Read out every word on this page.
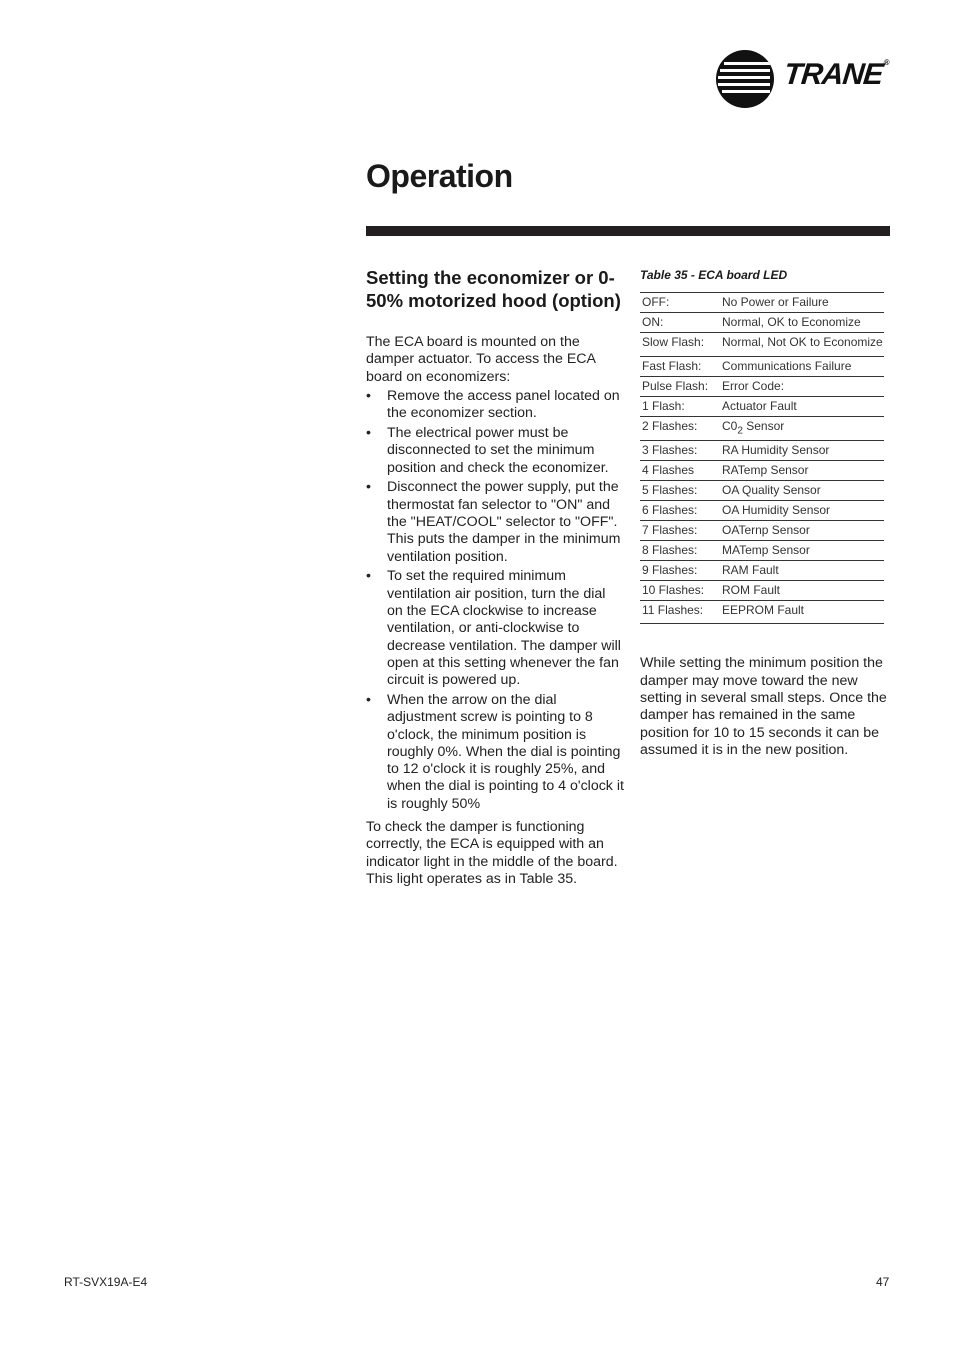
TRANE®
Operation
Setting the economizer or 0-50% motorized hood (option)

The ECA board is mounted on the damper actuator. To access the ECA board on economizers:

• Remove the access panel located on the economizer section.
• The electrical power must be disconnected to set the minimum position and check the economizer.
• Disconnect the power supply, put the thermostat fan selector to "ON" and the "HEAT/COOL" selector to "OFF". This puts the damper in the minimum ventilation position.
• To set the required minimum ventilation air position, turn the dial on the ECA clockwise to increase ventilation, or anti-clockwise to decrease ventilation. The damper will open at this setting whenever the fan circuit is powered up.
• When the arrow on the dial adjustment screw is pointing to 8 o'clock, the minimum position is roughly 0%. When the dial is pointing to 12 o'clock it is roughly 25%, and when the dial is pointing to 4 o'clock it is roughly 50%

To check the damper is functioning correctly, the ECA is equipped with an indicator light in the middle of the board. This light operates as in Table 35.

Table 35 - ECA board LED
OFF:	No Power or Failure
ON:	Normal, OK to Economize
Slow Flash:	Normal, Not OK to Economize
Fast Flash:	Communications Failure
Pulse Flash:	Error Code:
1 Flash:	Actuator Fault
2 Flashes:	$C0_2$ Sensor
3 Flashes:	RA Humidity Sensor
4 Flashes	RATemp Sensor
5 Flashes:	OA Quality Sensor
6 Flashes:	OA Humidity Sensor
7 Flashes:	OATernp Sensor
8 Flashes:	MATemp Sensor
9 Flashes:	RAM Fault
10 Flashes:	ROM Fault
11 Flashes:	EEPROM Fault

While setting the minimum position the damper may move toward the new setting in several small steps. Once the damper has remained in the same position for 10 to 15 seconds it can be assumed it is in the new position.

RT-SVX19A-E4	47
